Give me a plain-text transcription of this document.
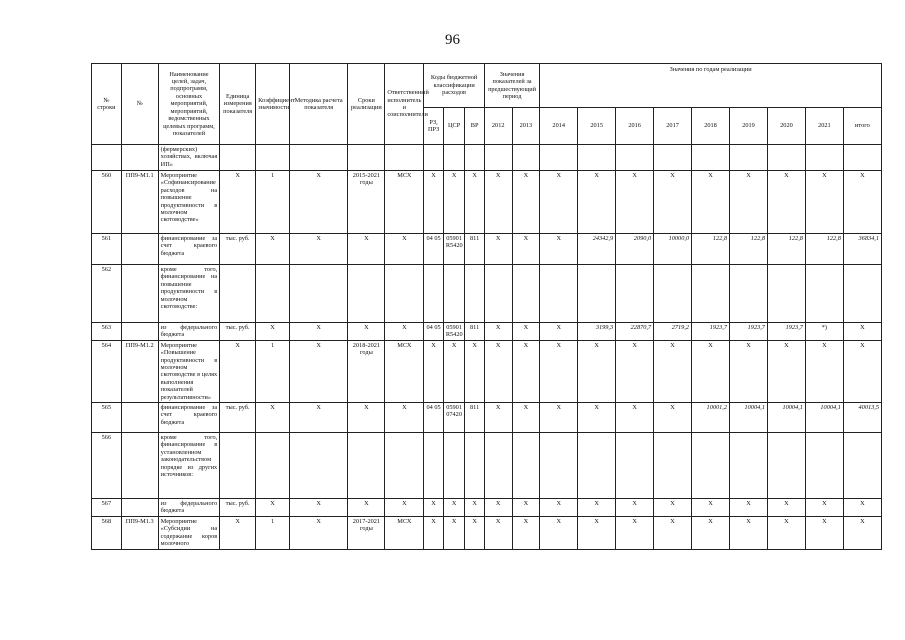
96
№ строки	№	Наименование целей, задач, подпрограмм, основных мероприятий, мероприятий, ведомственных целевых программ, показателей	Единица измерения показателя	Коэффициент значимости	Методика расчета показателя	Сроки реализации	Ответственный исполнитель и соисполнители	Коды бюджетной классификации расходов			Значения показателей за предшествующий период		Значения по годам реализации								
								РЗ, ПРЗ	ЦСР	ВР	2012	2013	2014	2015	2016	2017	2018	2019	2020	2021	итого
		(фермерских) хозяйствах, включая ИП»																			
560	ПП9-М1.1	Мероприятие «Софинансирование расходов на повышение продуктивности в молочном скотоводстве»	X	1	X	2015-2021 годы	МСХ	X	X	X	X	X	X	X	X	X	X	X	X	X	X
561		финансирование за счет краевого бюджета	тыс. руб.	X	X	X	X	04 05	05901 R5420	811	X	X	X	24342,9	2090,0	10000,0	122,8	122,8	122,8	122,8	36834,1
562		кроме того, финансирование на повышение продуктивности в молочном скотоводстве:																			
563		из федерального бюджета	тыс. руб.	X	X	X	X	04 05	05901 R5420	811	X	X	X	3199,3	22870,7	2719,2	1923,7	1923,7	1923,7	*)	X
564	ПП9-М1.2	Мероприятие «Повышение продуктивности в молочном скотоводстве в целях выполнения показателей результативности»	X	1	X	2018-2021 годы	МСХ	X	X	X	X	X	X	X	X	X	X	X	X	X	X
565		финансирование за счет краевого бюджета	тыс. руб.	X	X	X	X	04 05	05901 07420	811	X	X	X	X	X	X	10001,2	10004,1	10004,1	10004,1	40013,5
566		кроме того, финансирование в установленном законодательством порядке из других источников:																			
567		из федерального бюджета	тыс. руб.	X	X	X	X	X	X	X	X	X	X	X	X	X	X	X	X	X	X
568	ПП9-М1.3	Мероприятие «Субсидии на содержание коров молочного	X	1	X	2017-2021 годы	МСХ	X	X	X	X	X	X	X	X	X	X	X	X	X	X
